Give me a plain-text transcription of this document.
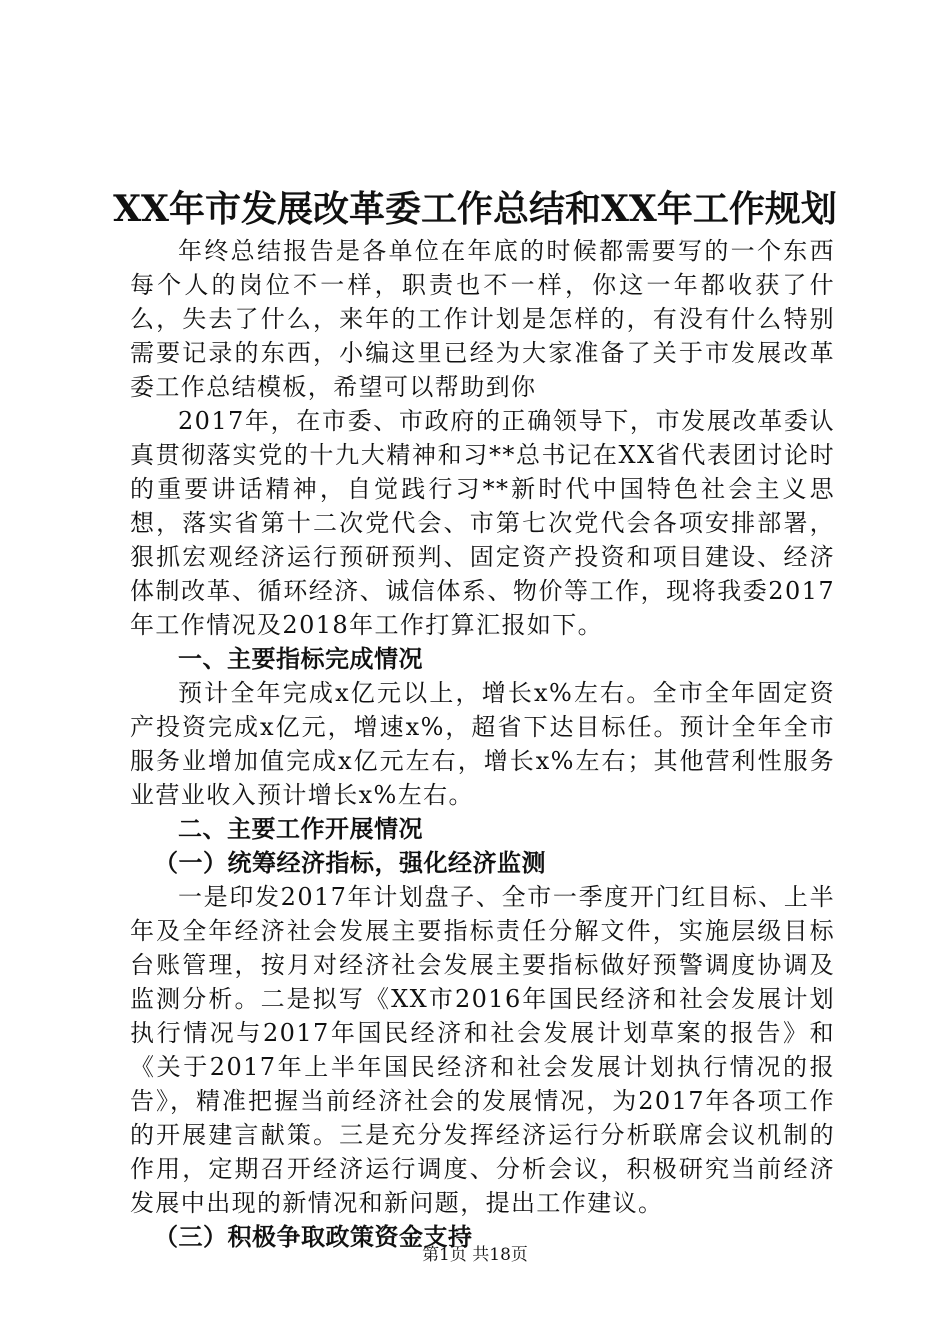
XX年市发展改革委工作总结和XX年工作规划

年终总结报告是各单位在年底的时候都需要写的一个东西每个人的岗位不一样，职责也不一样，你这一年都收获了什么，失去了什么，来年的工作计划是怎样的，有没有什么特别需要记录的东西，小编这里已经为大家准备了关于市发展改革委工作总结模板，希望可以帮助到你

2017年，在市委、市政府的正确领导下，市发展改革委认真贯彻落实党的十九大精神和习**总书记在XX省代表团讨论时的重要讲话精神，自觉践行习**新时代中国特色社会主义思想，落实省第十二次党代会、市第七次党代会各项安排部署，狠抓宏观经济运行预研预判、固定资产投资和项目建设、经济体制改革、循环经济、诚信体系、物价等工作，现将我委2017年工作情况及2018年工作打算汇报如下。

一、主要指标完成情况

预计全年完成x亿元以上，增长x%左右。全市全年固定资产投资完成x亿元，增速x%，超省下达目标任。预计全年全市服务业增加值完成x亿元左右，增长x%左右；其他营利性服务业营业收入预计增长x%左右。

二、主要工作开展情况

（一）统筹经济指标，强化经济监测

一是印发2017年计划盘子、全市一季度开门红目标、上半年及全年经济社会发展主要指标责任分解文件，实施层级目标台账管理，按月对经济社会发展主要指标做好预警调度协调及监测分析。二是拟写《XX市2016年国民经济和社会发展计划执行情况与2017年国民经济和社会发展计划草案的报告》和《关于2017年上半年国民经济和社会发展计划执行情况的报告》，精准把握当前经济社会的发展情况，为2017年各项工作的开展建言献策。三是充分发挥经济运行分析联席会议机制的作用，定期召开经济运行调度、分析会议，积极研究当前经济发展中出现的新情况和新问题，提出工作建议。

（三）积极争取政策资金支持

第1页 共18页
